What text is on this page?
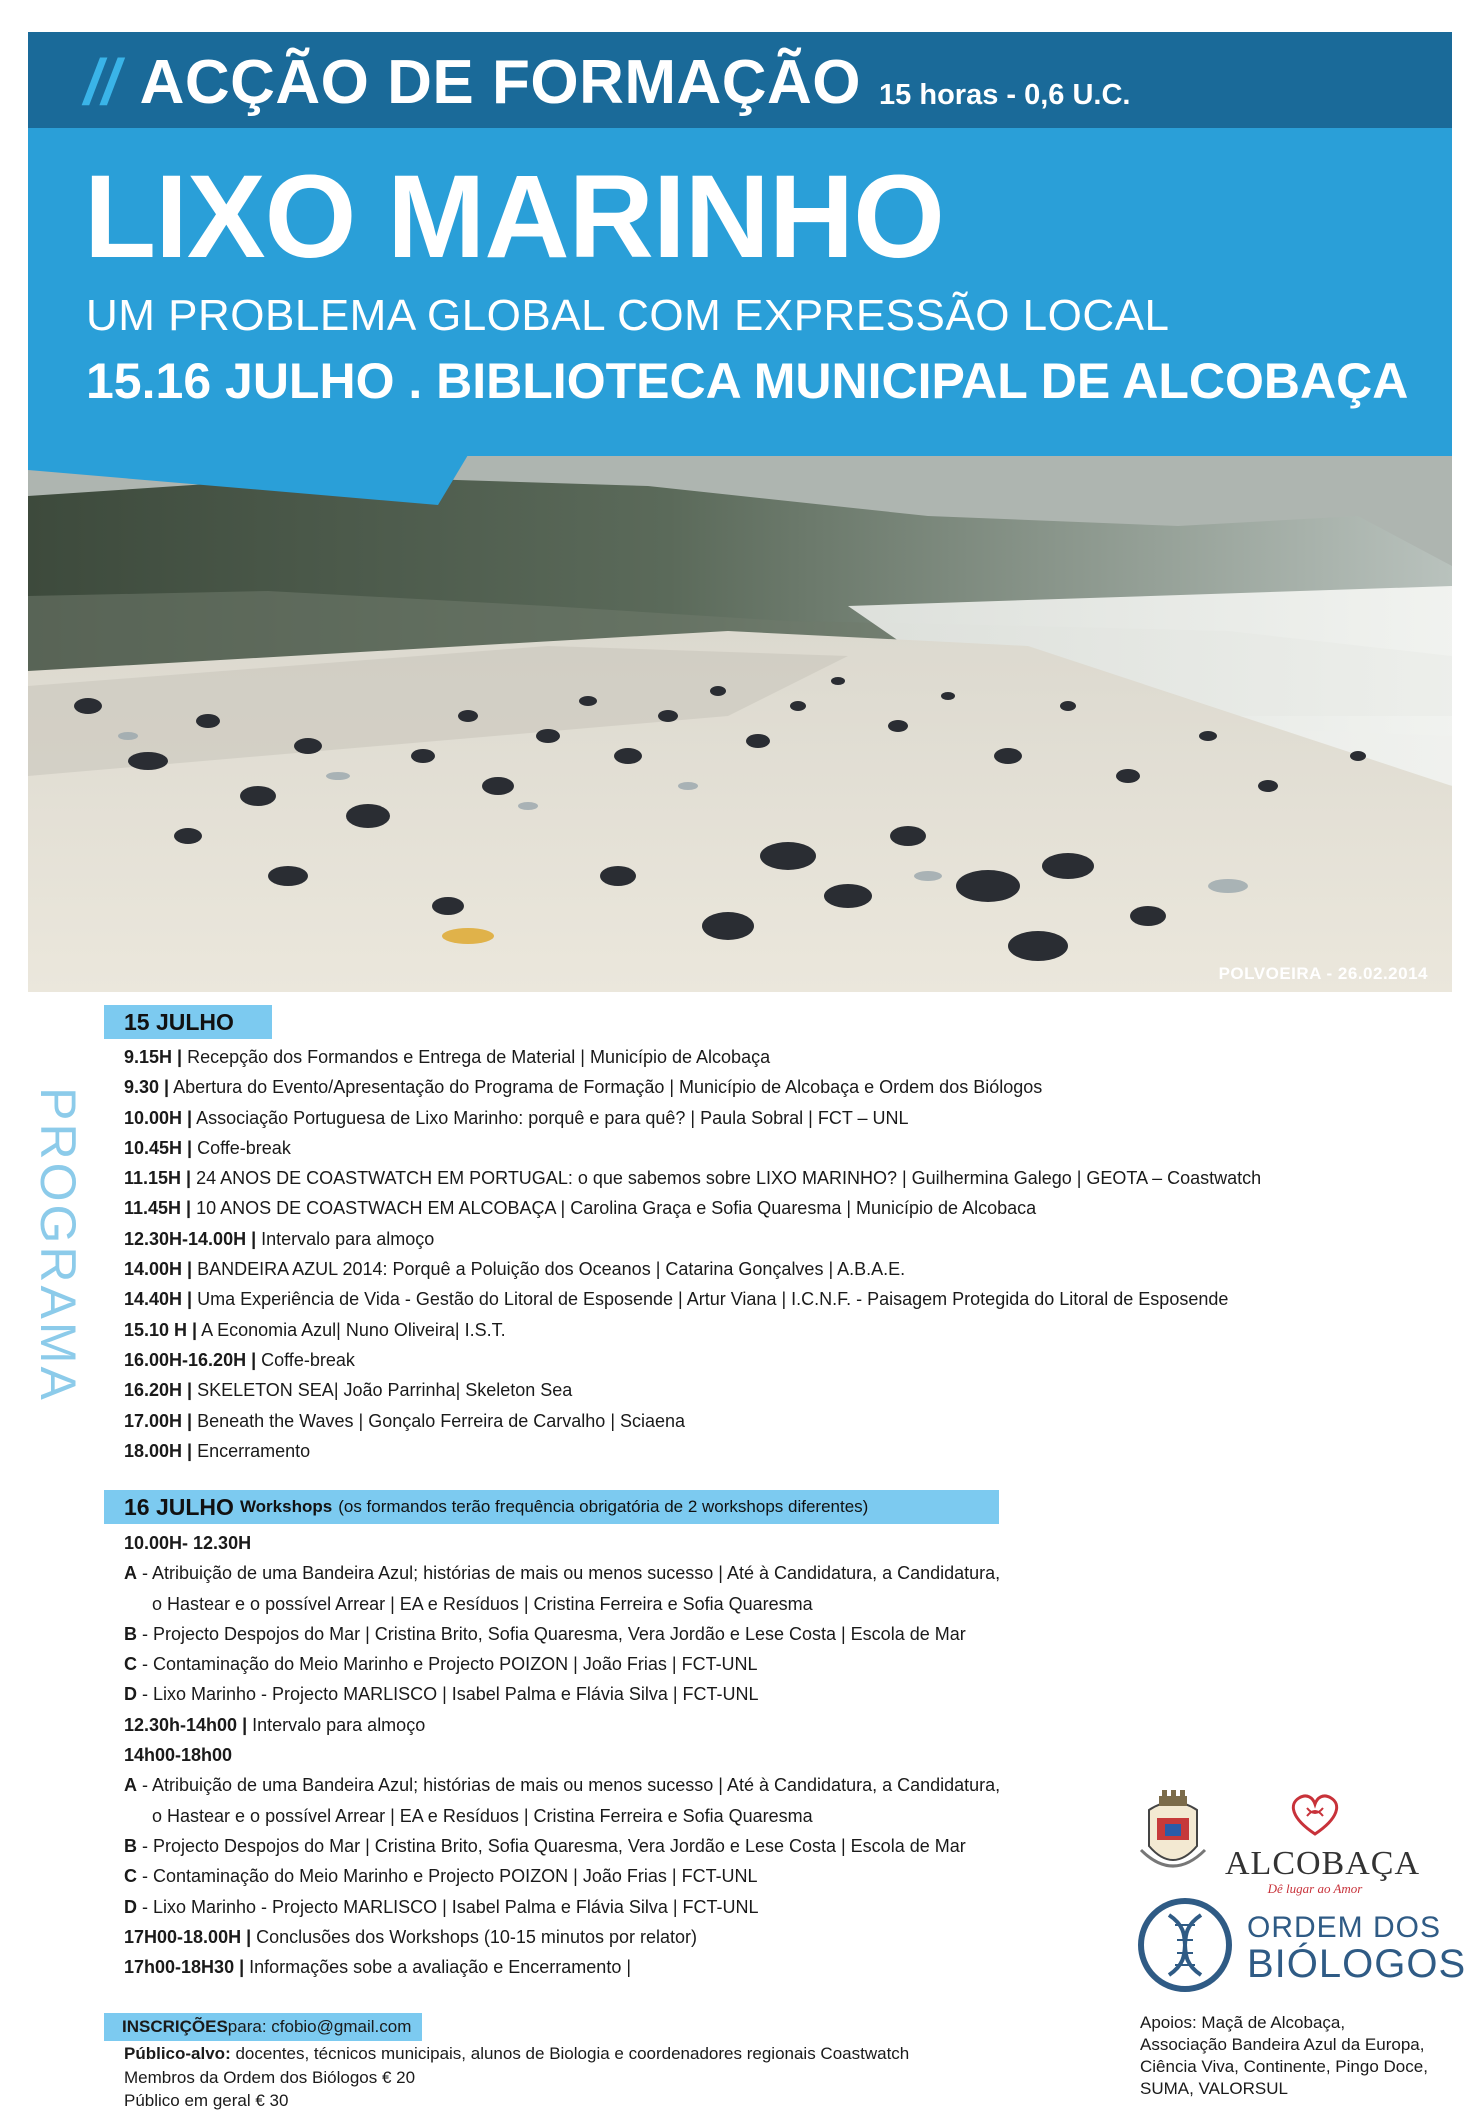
// ACÇÃO DE FORMAÇÃO 15 horas - 0,6 U.C.
LIXO MARINHO
UM PROBLEMA GLOBAL COM EXPRESSÃO LOCAL
15.16 JULHO . BIBLIOTECA MUNICIPAL DE ALCOBAÇA
POLVOEIRA - 26.02.2014
PROGRAMA
15 JULHO
9.15H | Recepção dos Formandos e Entrega de Material | Município de Alcobaça
9.30 | Abertura do Evento/Apresentação do Programa de Formação | Município de Alcobaça e Ordem dos Biólogos
10.00H | Associação Portuguesa de Lixo Marinho: porquê e para quê? | Paula Sobral | FCT – UNL
10.45H | Coffe-break
11.15H | 24 ANOS DE COASTWATCH EM PORTUGAL: o que sabemos sobre LIXO MARINHO? | Guilhermina Galego | GEOTA – Coastwatch
11.45H | 10 ANOS DE COASTWACH EM ALCOBAÇA | Carolina Graça e Sofia Quaresma | Município de Alcobaca
12.30H-14.00H | Intervalo para almoço
14.00H | BANDEIRA AZUL 2014: Porquê a Poluição dos Oceanos | Catarina Gonçalves | A.B.A.E.
14.40H | Uma Experiência de Vida - Gestão do Litoral de Esposende | Artur Viana | I.C.N.F. - Paisagem Protegida do Litoral de Esposende
15.10 H | A Economia Azul| Nuno Oliveira| I.S.T.
16.00H-16.20H | Coffe-break
16.20H | SKELETON SEA| João Parrinha| Skeleton Sea
17.00H | Beneath the Waves | Gonçalo Ferreira de Carvalho | Sciaena
18.00H | Encerramento
16 JULHO Workshops (os formandos terão frequência obrigatória de 2 workshops diferentes)
10.00H- 12.30H
A - Atribuição de uma Bandeira Azul; histórias de mais ou menos sucesso | Até à Candidatura, a Candidatura,
o Hastear e o possível Arrear | EA e Resíduos | Cristina Ferreira e Sofia Quaresma
B - Projecto Despojos do Mar | Cristina Brito, Sofia Quaresma, Vera Jordão e Lese Costa | Escola de Mar
C - Contaminação do Meio Marinho e Projecto POIZON | João Frias | FCT-UNL
D - Lixo Marinho - Projecto MARLISCO | Isabel Palma e Flávia Silva | FCT-UNL
12.30h-14h00 | Intervalo para almoço
14h00-18h00
A - Atribuição de uma Bandeira Azul; histórias de mais ou menos sucesso | Até à Candidatura, a Candidatura,
o Hastear e o possível Arrear | EA e Resíduos | Cristina Ferreira e Sofia Quaresma
B - Projecto Despojos do Mar | Cristina Brito, Sofia Quaresma, Vera Jordão e Lese Costa | Escola de Mar
C - Contaminação do Meio Marinho e Projecto POIZON | João Frias | FCT-UNL
D - Lixo Marinho - Projecto MARLISCO | Isabel Palma e Flávia Silva | FCT-UNL
17H00-18.00H | Conclusões dos Workshops (10-15 minutos por relator)
17h00-18H30 | Informações sobe a avaliação e Encerramento |
INSCRIÇÕES para: cfobio@gmail.com
Público-alvo: docentes, técnicos municipais, alunos de Biologia e coordenadores regionais Coastwatch
Membros da Ordem dos Biólogos € 20
Público em geral € 30
ALCOBAÇA
Dê lugar ao Amor
ORDEM DOS
BIÓLOGOS
Apoios: Maçã de Alcobaça,
Associação Bandeira Azul da Europa,
Ciência Viva, Continente, Pingo Doce,
SUMA, VALORSUL
